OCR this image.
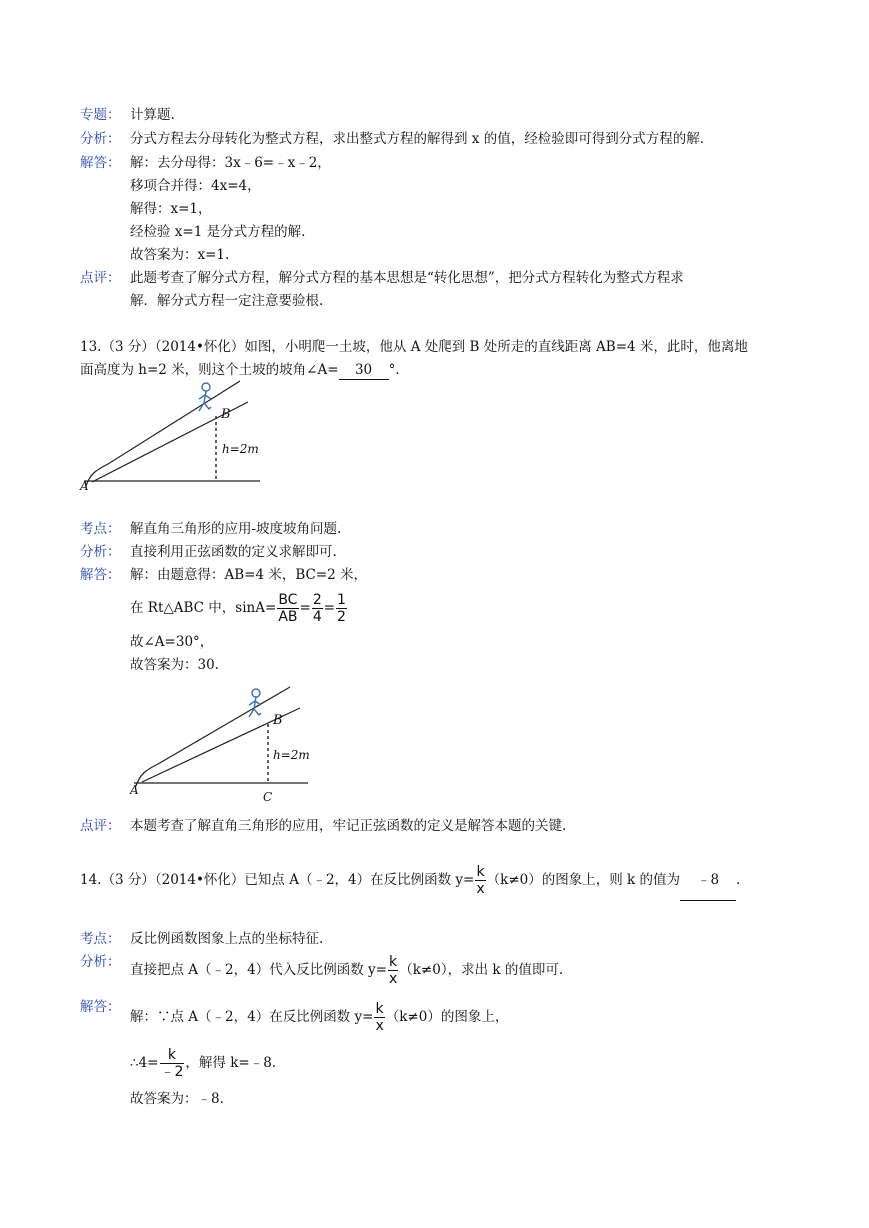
专题： 计算题.
分析： 分式方程去分母转化为整式方程，求出整式方程的解得到 x 的值，经检验即可得到分式方程的解.
解答： 解：去分母得：3x﹣6=﹣x﹣2，
移项合并得：4x=4，
解得：x=1，
经检验 x=1 是分式方程的解.
故答案为：x=1.
点评： 此题考查了解分式方程，解分式方程的基本思想是“转化思想”，把分式方程转化为整式方程求
解．解分式方程一定注意要验根.
13.（3 分）（2014•怀化）如图，小明爬一土坡，他从 A 处爬到 B 处所走的直线距离 AB=4 米，此时，他离地
面高度为 h=2 米，则这个土坡的坡角∠A= 30 °．
A
B
h=2m
考点： 解直角三角形的应用-坡度坡角问题.
分析： 直接利用正弦函数的定义求解即可.
解答： 解：由题意得：AB=4 米，BC=2 米，
在 Rt△ABC 中，$\sin A= \frac{BC}{AB} = \frac{2}{4} = \frac{1}{2}$
故∠A=30°，
故答案为：30.
A
B
h=2m
C
点评： 本题考查了解直角三角形的应用，牢记正弦函数的定义是解答本题的关键.
14.（3 分）（2014•怀化）已知点 A（﹣2，4）在反比例函数 $y= \frac{k}{x} (k\ne 0)$的图象上，则 k 的值为 ﹣8 .
考点： 反比例函数图象上点的坐标特征.
分析： 直接把点 A（﹣2，4）代入反比例函数 $y= \frac{k}{x} (k\ne 0)$，求出 k 的值即可.
解答：
解：∵点 A（﹣2，4）在反比例函数 $y= \frac{k}{x} (k\ne 0)$的图象上，
∴4= $\frac{k}{﹣2}$ ，解得 k=﹣8.
故答案为：﹣8.
